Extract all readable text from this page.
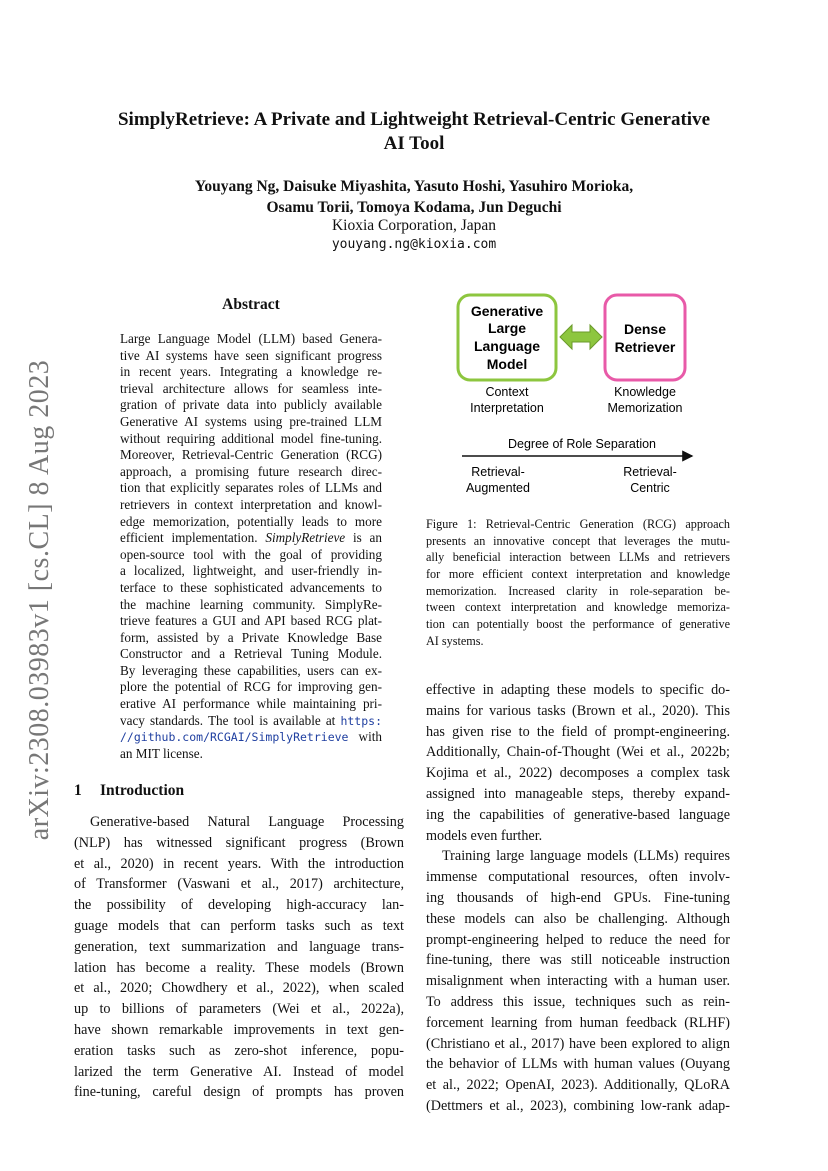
arXiv:2308.03983v1 [cs.CL] 8 Aug 2023
SimplyRetrieve: A Private and Lightweight Retrieval-Centric Generative
AI Tool
Youyang Ng, Daisuke Miyashita, Yasuto Hoshi, Yasuhiro Morioka,
Osamu Torii, Tomoya Kodama, Jun Deguchi
Kioxia Corporation, Japan
youyang.ng@kioxia.com
Abstract
Large Language Model (LLM) based Genera-
tive AI systems have seen significant progress
in recent years. Integrating a knowledge re-
trieval architecture allows for seamless inte-
gration of private data into publicly available
Generative AI systems using pre-trained LLM
without requiring additional model fine-tuning.
Moreover, Retrieval-Centric Generation (RCG)
approach, a promising future research direc-
tion that explicitly separates roles of LLMs and
retrievers in context interpretation and knowl-
edge memorization, potentially leads to more
efficient implementation. SimplyRetrieve is an
open-source tool with the goal of providing
a localized, lightweight, and user-friendly in-
terface to these sophisticated advancements to
the machine learning community. SimplyRe-
trieve features a GUI and API based RCG plat-
form, assisted by a Private Knowledge Base
Constructor and a Retrieval Tuning Module.
By leveraging these capabilities, users can ex-
plore the potential of RCG for improving gen-
erative AI performance while maintaining pri-
vacy standards. The tool is available at https:
//github.com/RCGAI/SimplyRetrieve with
an MIT license.
1 Introduction
Generative-based Natural Language Processing
(NLP) has witnessed significant progress (Brown
et al., 2020) in recent years. With the introduction
of Transformer (Vaswani et al., 2017) architecture,
the possibility of developing high-accuracy lan-
guage models that can perform tasks such as text
generation, text summarization and language trans-
lation has become a reality. These models (Brown
et al., 2020; Chowdhery et al., 2022), when scaled
up to billions of parameters (Wei et al., 2022a),
have shown remarkable improvements in text gen-
eration tasks such as zero-shot inference, popu-
larized the term Generative AI. Instead of model
fine-tuning, careful design of prompts has proven
Generative
Large
Language
Model
Dense
Retriever
Context
Interpretation
Knowledge
Memorization
Degree of Role Separation
Retrieval-
Augmented
Retrieval-
Centric
Figure 1: Retrieval-Centric Generation (RCG) approach
presents an innovative concept that leverages the mutu-
ally beneficial interaction between LLMs and retrievers
for more efficient context interpretation and knowledge
memorization. Increased clarity in role-separation be-
tween context interpretation and knowledge memoriza-
tion can potentially boost the performance of generative
AI systems.
effective in adapting these models to specific do-
mains for various tasks (Brown et al., 2020). This
has given rise to the field of prompt-engineering.
Additionally, Chain-of-Thought (Wei et al., 2022b;
Kojima et al., 2022) decomposes a complex task
assigned into manageable steps, thereby expand-
ing the capabilities of generative-based language
models even further.
Training large language models (LLMs) requires
immense computational resources, often involv-
ing thousands of high-end GPUs. Fine-tuning
these models can also be challenging. Although
prompt-engineering helped to reduce the need for
fine-tuning, there was still noticeable instruction
misalignment when interacting with a human user.
To address this issue, techniques such as rein-
forcement learning from human feedback (RLHF)
(Christiano et al., 2017) have been explored to align
the behavior of LLMs with human values (Ouyang
et al., 2022; OpenAI, 2023). Additionally, QLoRA
(Dettmers et al., 2023), combining low-rank adap-
